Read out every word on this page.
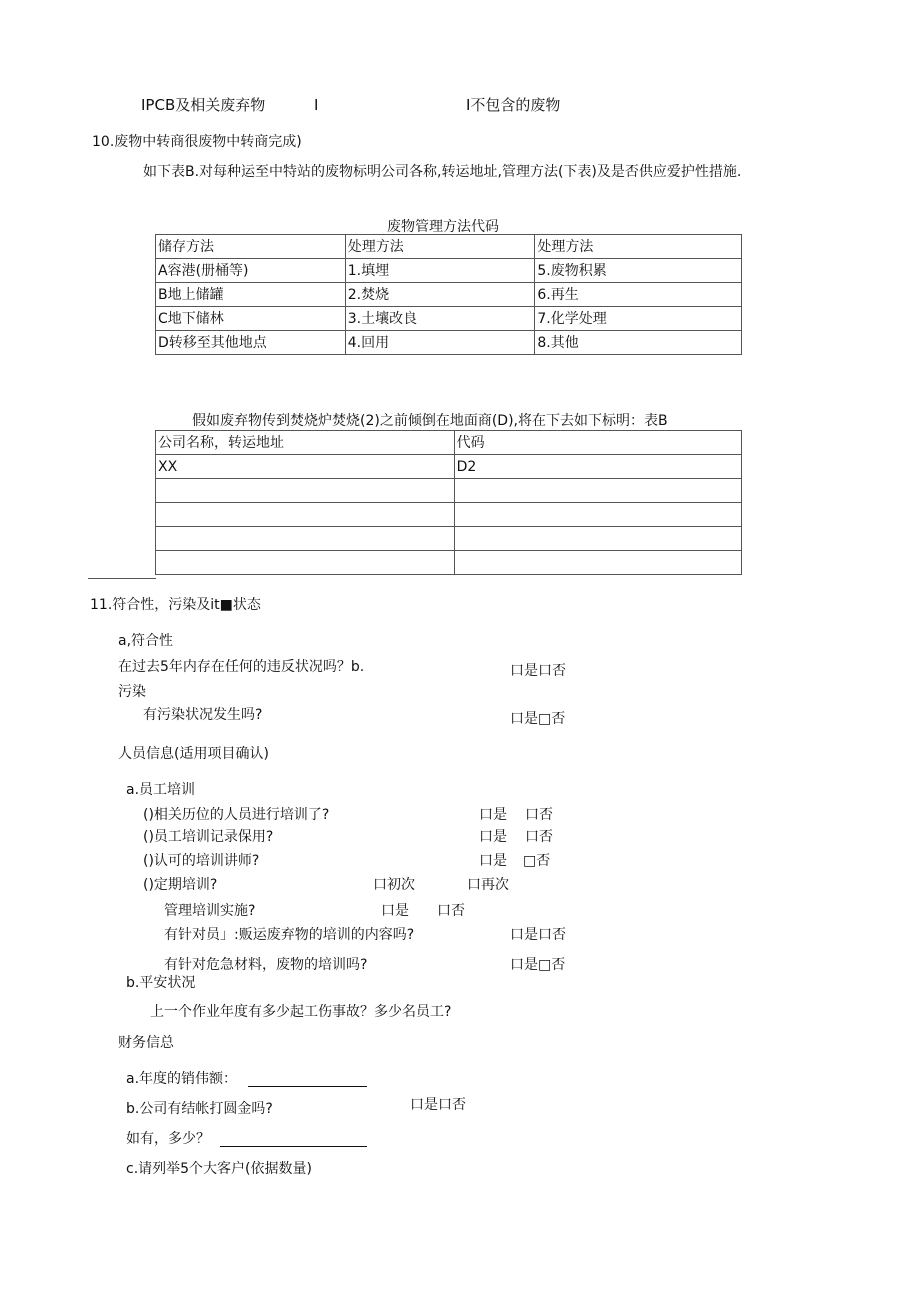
IPCB及相关废弃物	I	I不包含的废物
10.废物中转商很废物中转商完成)
如下表B.对每种运至中特站的废物标明公司各称,转运地址,管理方法(下表)及是否供应爱护性措施.
废物管理方法代码
储存方法	处理方法	处理方法
A容港(册桶等)	1.填埋	5.废物积累
B地上储罐	2.焚烧	6.再生
C地下储林	3.土壤改良	7.化学处理
D转移至其他地点	4.回用	8.其他
假如废弃物传到焚烧炉焚烧(2)之前倾倒在地面商(D),将在下去如下标明：表B
公司名称，转运地址	代码
XX	D2

11.符合性，污染及it■状态
a,符合性
在过去5年内存在任何的违反状况吗？b.	口是口否
污染
有污染状况发生吗?	口是□否
人员信息(适用项目确认)
a.员工培训
()相关历位的人员进行培训了?	口是 口否
()员工培训记录保用?	口是 口否
()认可的培训讲师?	口是 □否
()定期培训?	口初次	口再次
管理培训实施?	口是 口否
有针对员」:贩运废弃物的培训的内容吗?	口是口否
有针对危急材料，废物的培训吗?	口是□否
b.平安状况
上一个作业年度有多少起工伤事故？多少名员工?
财务信总
a.年度的销伟额：
b.公司有结帐打圆金吗?	口是口否
如有，多少？
c.请列举5个大客户(依据数量)
